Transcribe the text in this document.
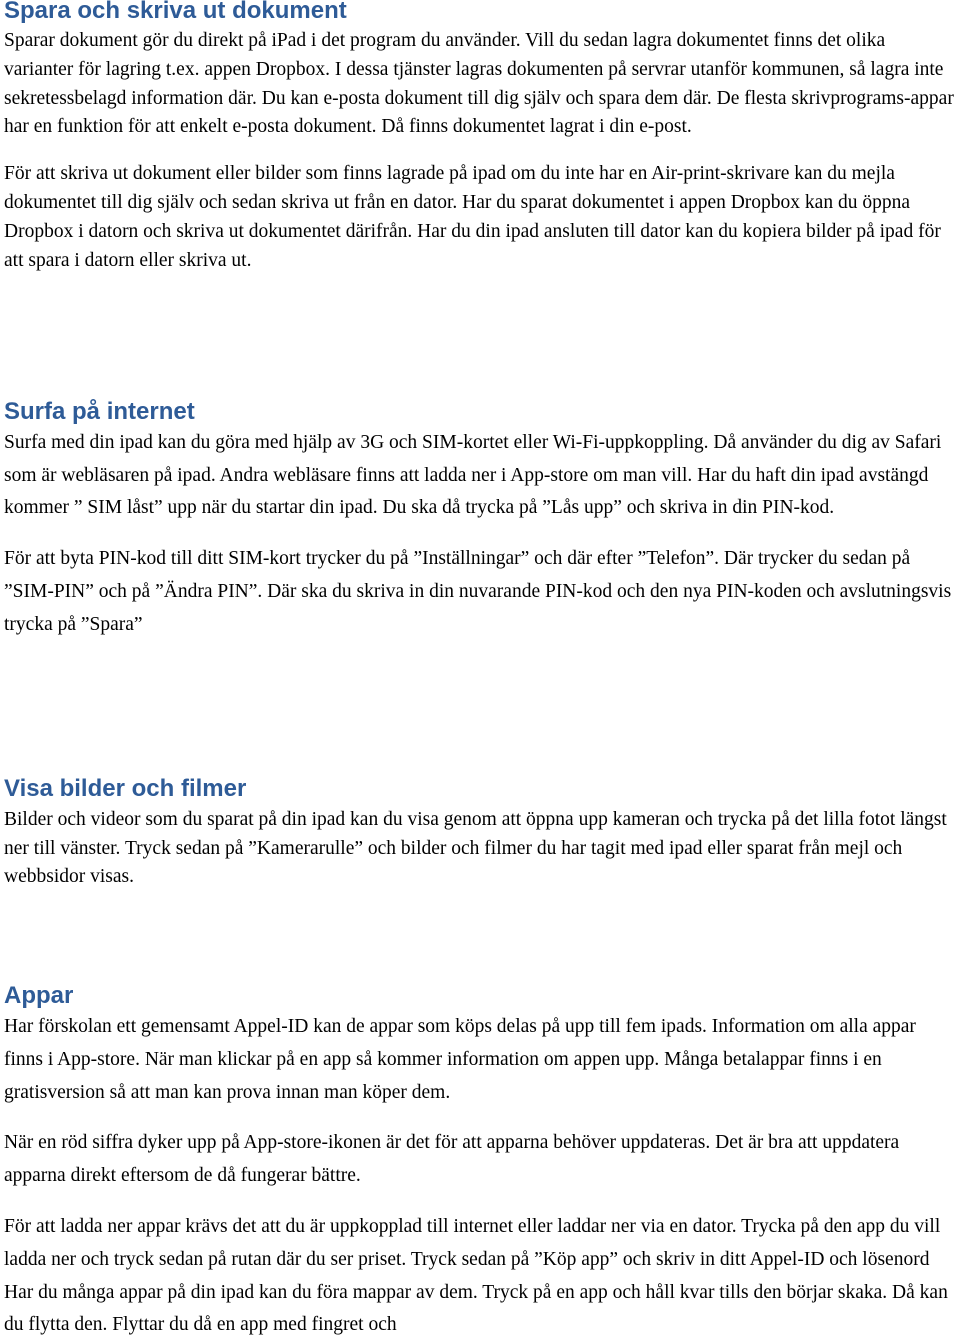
Spara och skriva ut dokument

Sparar dokument gör du direkt på iPad i det program du använder. Vill du sedan lagra dokumentet finns det olika varianter för lagring t.ex. appen Dropbox. I dessa tjänster lagras dokumenten på servrar utanför kommunen, så lagra inte sekretessbelagd information där. Du kan e-posta dokument till dig själv och spara dem där. De flesta skrivprograms-appar har en funktion för att enkelt e-posta dokument. Då finns dokumentet lagrat i din e-post.

För att skriva ut dokument eller bilder som finns lagrade på ipad om du inte har en Air-print-skrivare kan du mejla dokumentet till dig själv och sedan skriva ut från en dator. Har du sparat dokumentet i appen Dropbox kan du öppna Dropbox i datorn och skriva ut dokumentet därifrån. Har du din ipad ansluten till dator kan du kopiera bilder på ipad för att spara i datorn eller skriva ut.

Surfa på internet

Surfa med din ipad kan du göra med hjälp av 3G och SIM-kortet eller Wi-Fi-uppkoppling. Då använder du dig av Safari som är webläsaren på ipad. Andra webläsare finns att ladda ner i App-store om man vill. Har du haft din ipad avstängd kommer ” SIM låst” upp när du startar din ipad. Du ska då trycka på ”Lås upp” och skriva in din PIN-kod.

För att byta PIN-kod till ditt SIM-kort trycker du på ”Inställningar” och där efter ”Telefon”. Där trycker du sedan på ”SIM-PIN” och på ”Ändra PIN”. Där ska du skriva in din nuvarande PIN-kod och den nya PIN-koden och avslutningsvis trycka på ”Spara”

Visa bilder och filmer

Bilder och videor som du sparat på din ipad kan du visa genom att öppna upp kameran och trycka på det lilla fotot längst ner till vänster. Tryck sedan på ”Kamerarulle” och bilder och filmer du har tagit med ipad eller sparat från mejl och webbsidor visas.

Appar

Har förskolan ett gemensamt Appel-ID kan de appar som köps delas på upp till fem ipads. Information om alla appar finns i App-store. När man klickar på en app så kommer information om appen upp. Många betalappar finns i en gratisversion så att man kan prova innan man köper dem.

När en röd siffra dyker upp på App-store-ikonen är det för att apparna behöver uppdateras. Det är bra att uppdatera apparna direkt eftersom de då fungerar bättre.

För att ladda ner appar krävs det att du är uppkopplad till internet eller laddar ner via en dator. Trycka på den app du vill ladda ner och tryck sedan på rutan där du ser priset. Tryck sedan på ”Köp app” och skriv in ditt Appel-ID och lösenord Har du många appar på din ipad kan du föra mappar av dem. Tryck på en app och håll kvar tills den börjar skaka. Då kan du flytta den. Flyttar du då en app med fingret och
